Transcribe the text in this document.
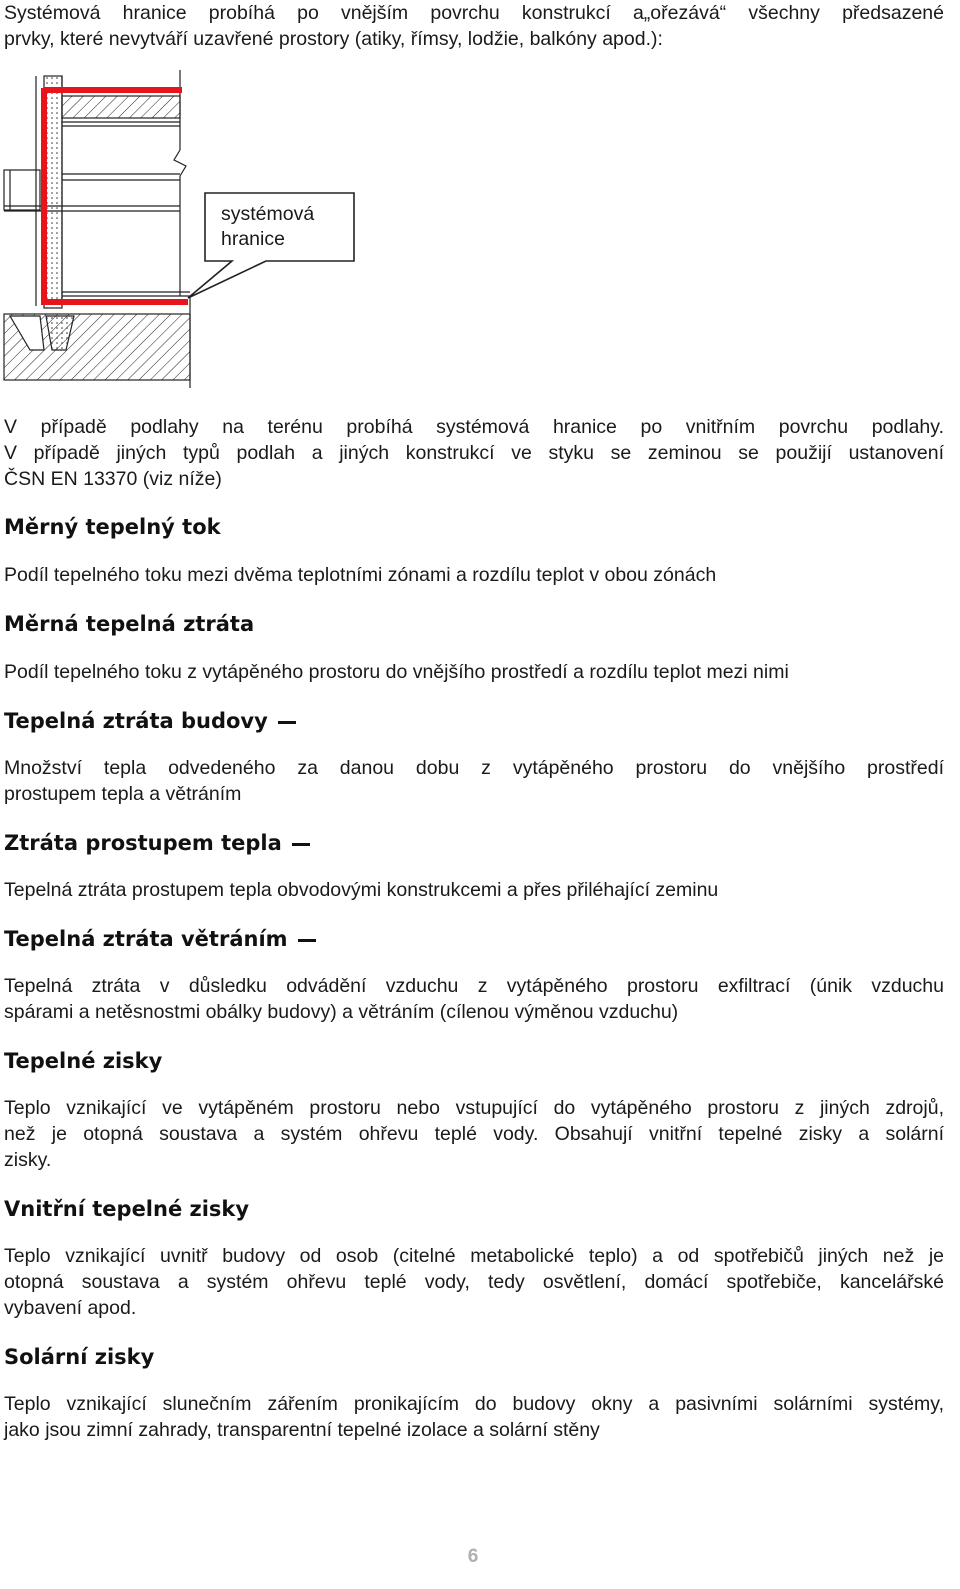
Systémová hranice probíhá po vnějším povrchu konstrukcí a„ořezává“ všechny předsazené

prvky, které nevytváří uzavřené prostory (atiky, římsy, lodžie, balkóny apod.):

systémová
hranice

V případě podlahy na terénu probíhá systémová hranice po vnitřním povrchu podlahy.

V případě jiných typů podlah a jiných konstrukcí ve styku se zeminou se použijí ustanovení

ČSN EN 13370 (viz níže)

Měrný tepelný tok

Podíl tepelného toku mezi dvěma teplotními zónami a rozdílu teplot v obou zónách

Měrná tepelná ztráta

Podíl tepelného toku z vytápěného prostoru do vnějšího prostředí a rozdílu teplot mezi nimi

Tepelná ztráta budovy

Množství tepla odvedeného za danou dobu z vytápěného prostoru do vnějšího prostředí

prostupem tepla a větráním

Ztráta prostupem tepla

Tepelná ztráta prostupem tepla obvodovými konstrukcemi a přes přiléhající zeminu

Tepelná ztráta větráním

Tepelná ztráta v důsledku odvádění vzduchu z vytápěného prostoru exfiltrací (únik vzduchu

spárami a netěsnostmi obálky budovy) a větráním (cílenou výměnou vzduchu)

Tepelné zisky

Teplo vznikající ve vytápěném prostoru nebo vstupující do vytápěného prostoru z jiných zdrojů,

než je otopná soustava a systém ohřevu teplé vody. Obsahují vnitřní tepelné zisky a solární

zisky.

Vnitřní tepelné zisky

Teplo vznikající uvnitř budovy od osob (citelné metabolické teplo) a od spotřebičů jiných než je

otopná soustava a systém ohřevu teplé vody, tedy osvětlení, domácí spotřebiče, kancelářské

vybavení apod.

Solární zisky

Teplo vznikající slunečním zářením pronikajícím do budovy okny a pasivními solárními systémy,

jako jsou zimní zahrady, transparentní tepelné izolace a solární stěny

6
